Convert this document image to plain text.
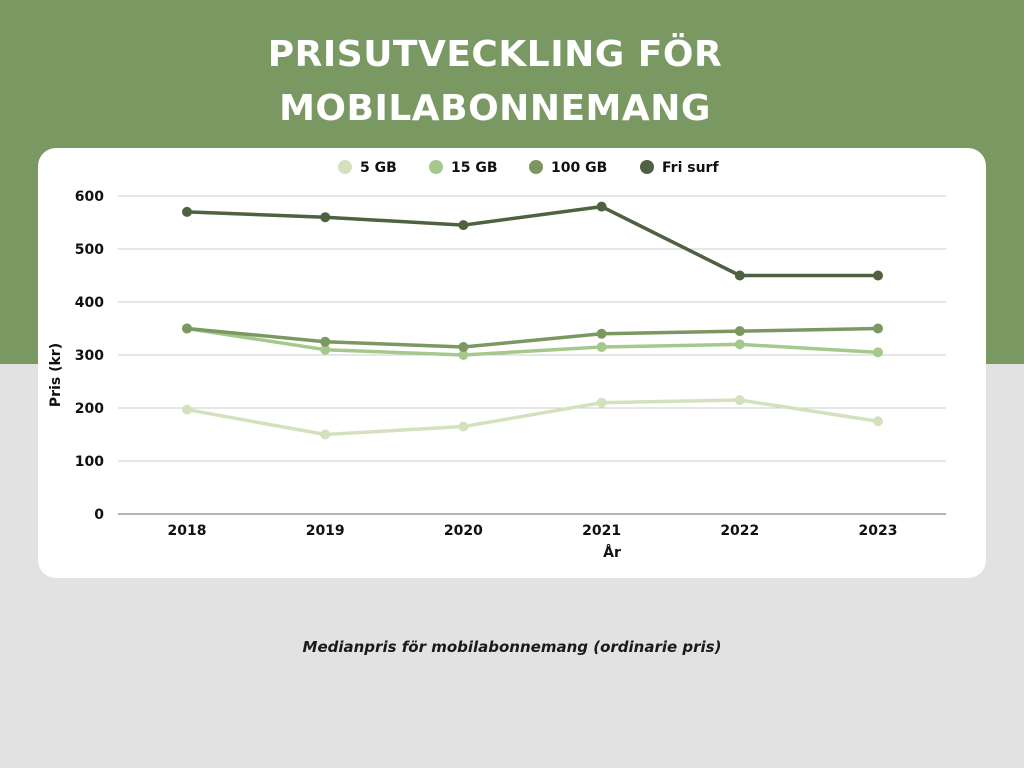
PRISUTVECKLING FÖR MOBILABONNEMANG
0
100
200
300
400
500
600
2018	2019	2020	2021	2022	2023
År
Pris (kr)
5 GB	15 GB	100 GB	Fri surf

Medianpris för mobilabonnemang (ordinarie pris)
